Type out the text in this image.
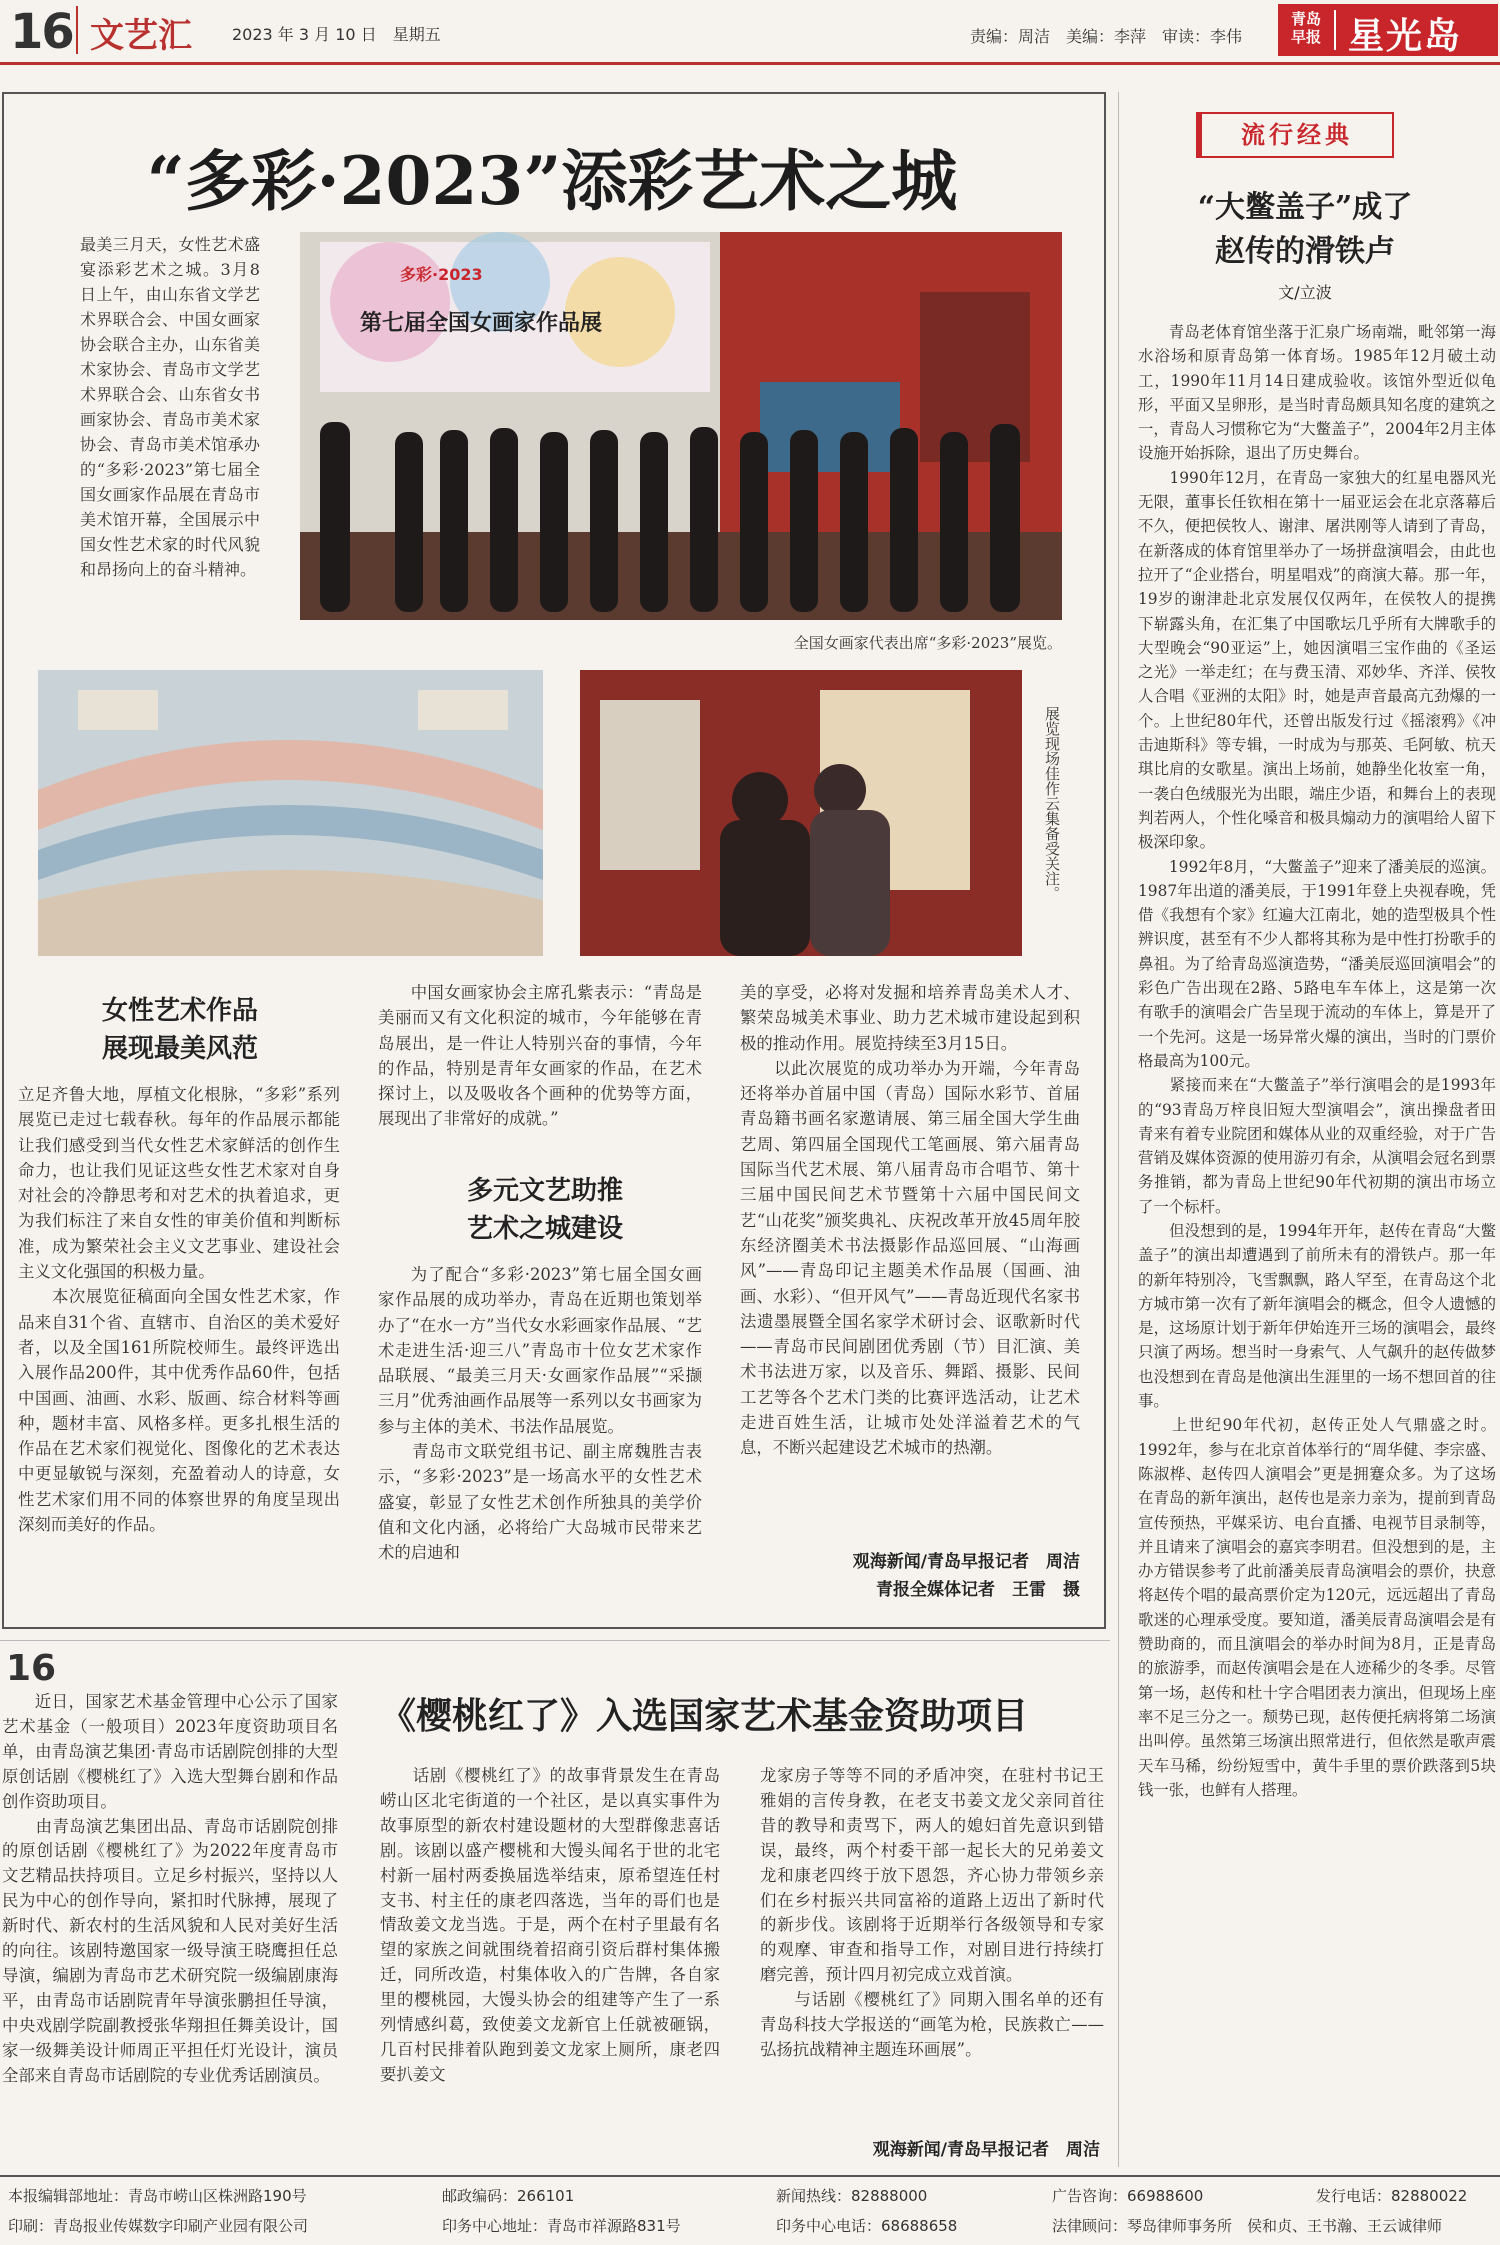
16 文艺汇	2023 年 3 月 10 日　星期五	责编：周洁　美编：李萍　审读：李伟
青岛早报 星光岛
“多彩·2023”添彩艺术之城
最美三月天，女性艺术盛宴添彩艺术之城。3月8日上午，由山东省文学艺术界联合会、中国女画家协会联合主办，山东省美术家协会、青岛市文学艺术界联合会、山东省女书画家协会、青岛市美术家协会、青岛市美术馆承办的“多彩·2023”第七届全国女画家作品展在青岛市美术馆开幕，全国展示中国女性艺术家的时代风貌和昂扬向上的奋斗精神。
多彩·2023
第七届全国女画家作品展
全国女画家代表出席“多彩·2023”展览。
展览现场佳作云集备受关注。
女性艺术作品
展现最美风范
立足齐鲁大地，厚植文化根脉，“多彩”系列展览已走过七载春秋。每年的作品展示都能让我们感受到当代女性艺术家鲜活的创作生命力，也让我们见证这些女性艺术家对自身对社会的冷静思考和对艺术的执着追求，更为我们标注了来自女性的审美价值和判断标准，成为繁荣社会主义文艺事业、建设社会主义文化强国的积极力量。
　　本次展览征稿面向全国女性艺术家，作品来自31个省、直辖市、自治区的美术爱好者，以及全国161所院校师生。最终评选出入展作品200件，其中优秀作品60件，包括中国画、油画、水彩、版画、综合材料等画种，题材丰富、风格多样。更多扎根生活的作品在艺术家们视觉化、图像化的艺术表达中更显敏锐与深刻，充盈着动人的诗意，女性艺术家们用不同的体察世界的角度呈现出深刻而美好的作品。
中国女画家协会主席孔紫表示：“青岛是美丽而又有文化积淀的城市，今年能够在青岛展出，是一件让人特别兴奋的事情，今年的作品，特别是青年女画家的作品，在艺术探讨上，以及吸收各个画种的优势等方面，展现出了非常好的成就。”
多元文艺助推
艺术之城建设
为了配合“多彩·2023”第七届全国女画家作品展的成功举办，青岛在近期也策划举办了“在水一方”当代女水彩画家作品展、“艺术走进生活·迎三八”青岛市十位女艺术家作品联展、“最美三月天·女画家作品展”“采撷三月”优秀油画作品展等一系列以女书画家为参与主体的美术、书法作品展览。
　　青岛市文联党组书记、副主席魏胜吉表示，“多彩·2023”是一场高水平的女性艺术盛宴，彰显了女性艺术创作所独具的美学价值和文化内涵，必将给广大岛城市民带来艺术的启迪和
美的享受，必将对发掘和培养青岛美术人才、繁荣岛城美术事业、助力艺术城市建设起到积极的推动作用。展览持续至3月15日。
　　以此次展览的成功举办为开端，今年青岛还将举办首届中国（青岛）国际水彩节、首届青岛籍书画名家邀请展、第三届全国大学生曲艺周、第四届全国现代工笔画展、第六届青岛国际当代艺术展、第八届青岛市合唱节、第十三届中国民间艺术节暨第十六届中国民间文艺“山花奖”颁奖典礼、庆祝改革开放45周年胶东经济圈美术书法摄影作品巡回展、“山海画风”——青岛印记主题美术作品展（国画、油画、水彩）、“但开风气”——青岛近现代名家书法遗墨展暨全国名家学术研讨会、讴歌新时代——青岛市民间剧团优秀剧（节）目汇演、美术书法进万家，以及音乐、舞蹈、摄影、民间工艺等各个艺术门类的比赛评选活动，让艺术走进百姓生活，让城市处处洋溢着艺术的气息，不断兴起建设艺术城市的热潮。
观海新闻/青岛早报记者　周洁
青报全媒体记者　王雷　摄
流行经典
“大鳖盖子”成了
赵传的滑铁卢
文/立波
青岛老体育馆坐落于汇泉广场南端，毗邻第一海水浴场和原青岛第一体育场。1985年12月破土动工，1990年11月14日建成验收。该馆外型近似龟形，平面又呈卵形，是当时青岛颇具知名度的建筑之一，青岛人习惯称它为“大鳖盖子”，2004年2月主体设施开始拆除，退出了历史舞台。
　　1990年12月，在青岛一家独大的红星电器风光无限，董事长任钦相在第十一届亚运会在北京落幕后不久，便把侯牧人、谢津、屠洪刚等人请到了青岛，在新落成的体育馆里举办了一场拼盘演唱会，由此也拉开了“企业搭台，明星唱戏”的商演大幕。那一年，19岁的谢津赴北京发展仅仅两年，在侯牧人的提携下崭露头角，在汇集了中国歌坛几乎所有大牌歌手的大型晚会“90亚运”上，她因演唱三宝作曲的《圣运之光》一举走红；在与费玉清、邓妙华、齐洋、侯牧人合唱《亚洲的太阳》时，她是声音最高亢劲爆的一个。上世纪80年代，还曾出版发行过《摇滚鸦》《冲击迪斯科》等专辑，一时成为与那英、毛阿敏、杭天琪比肩的女歌星。演出上场前，她静坐化妆室一角，一袭白色绒服光为出眼，端庄少语，和舞台上的表现判若两人，个性化嗓音和极具煽动力的演唱给人留下极深印象。
　　1992年8月，“大鳖盖子”迎来了潘美辰的巡演。1987年出道的潘美辰，于1991年登上央视春晚，凭借《我想有个家》红遍大江南北，她的造型极具个性辨识度，甚至有不少人都将其称为是中性打扮歌手的鼻祖。为了给青岛巡演造势，“潘美辰巡回演唱会”的彩色广告出现在2路、5路电车车体上，这是第一次有歌手的演唱会广告呈现于流动的车体上，算是开了一个先河。这是一场异常火爆的演出，当时的门票价格最高为100元。
　　紧接而来在“大鳖盖子”举行演唱会的是1993年的“93青岛万梓良旧短大型演唱会”，演出操盘者田青来有着专业院团和媒体从业的双重经验，对于广告营销及媒体资源的使用游刃有余，从演唱会冠名到票务推销，都为青岛上世纪90年代初期的演出市场立了一个标杆。
　　但没想到的是，1994年开年，赵传在青岛“大鳖盖子”的演出却遭遇到了前所未有的滑铁卢。那一年的新年特别冷，飞雪飘飘，路人罕至，在青岛这个北方城市第一次有了新年演唱会的概念，但令人遗憾的是，这场原计划于新年伊始连开三场的演唱会，最终只演了两场。想当时一身索气、人气飙升的赵传做梦也没想到在青岛是他演出生涯里的一场不想回首的往事。
　　上世纪90年代初，赵传正处人气鼎盛之时。1992年，参与在北京首体举行的“周华健、李宗盛、陈淑桦、赵传四人演唱会”更是拥蹇众多。为了这场在青岛的新年演出，赵传也是亲力亲为，提前到青岛宣传预热，平媒采访、电台直播、电视节目录制等，并且请来了演唱会的嘉宾李明君。但没想到的是，主办方错误参考了此前潘美辰青岛演唱会的票价，抉意将赵传个唱的最高票价定为120元，远远超出了青岛歌迷的心理承受度。要知道，潘美辰青岛演唱会是有赞助商的，而且演唱会的举办时间为8月，正是青岛的旅游季，而赵传演唱会是在人迹稀少的冬季。尽管第一场，赵传和杜十字合唱团表力演出，但现场上座率不足三分之一。颓势已现，赵传便托病将第二场演出叫停。虽然第三场演出照常进行，但依然是歌声震天车马稀，纷纷短雪中，黄牛手里的票价跌落到5块钱一张，也鲜有人搭理。
16
《樱桃红了》入选国家艺术基金资助项目
近日，国家艺术基金管理中心公示了国家艺术基金（一般项目）2023年度资助项目名单，由青岛演艺集团·青岛市话剧院创排的大型原创话剧《樱桃红了》入选大型舞台剧和作品创作资助项目。
　　由青岛演艺集团出品、青岛市话剧院创排的原创话剧《樱桃红了》为2022年度青岛市文艺精品扶持项目。立足乡村振兴，坚持以人民为中心的创作导向，紧扣时代脉搏，展现了新时代、新农村的生活风貌和人民对美好生活的向往。该剧特邀国家一级导演王晓鹰担任总导演，编剧为青岛市艺术研究院一级编剧康海平，由青岛市话剧院青年导演张鹏担任导演，中央戏剧学院副教授张华翔担任舞美设计，国家一级舞美设计师周正平担任灯光设计，演员全部来自青岛市话剧院的专业优秀话剧演员。
话剧《樱桃红了》的故事背景发生在青岛崂山区北宅街道的一个社区，是以真实事件为故事原型的新农村建设题材的大型群像悲喜话剧。该剧以盛产樱桃和大馒头闻名于世的北宅村新一届村两委换届选举结束，原希望连任村支书、村主任的康老四落选，当年的哥们也是情敌姜文龙当选。于是，两个在村子里最有名望的家族之间就围绕着招商引资后群村集体搬迁，同所改造，村集体收入的广告牌，各自家里的樱桃园，大馒头协会的组建等产生了一系列情感纠葛，致使姜文龙新官上任就被砸锅，几百村民排着队跑到姜文龙家上厕所，康老四要扒姜文
龙家房子等等不同的矛盾冲突，在驻村书记王雅娟的言传身教，在老支书姜文龙父亲同首往昔的教导和责骂下，两人的媳妇首先意识到错误，最终，两个村委干部一起长大的兄弟姜文龙和康老四终于放下恩怨，齐心协力带领乡亲们在乡村振兴共同富裕的道路上迈出了新时代的新步伐。该剧将于近期举行各级领导和专家的观摩、审查和指导工作，对剧目进行持续打磨完善，预计四月初完成立戏首演。
　　与话剧《樱桃红了》同期入围名单的还有青岛科技大学报送的“画笔为枪，民族救亡——弘扬抗战精神主题连环画展”。
观海新闻/青岛早报记者　周洁
本报编辑部地址：青岛市崂山区株洲路190号	邮政编码：266101	新闻热线：82888000	广告咨询：66988600	发行电话：82880022
印刷：青岛报业传媒数字印刷产业园有限公司	印务中心地址：青岛市祥源路831号	印务中心电话：68688658	法律顾问：琴岛律师事务所　侯和贞、王书瀚、王云诚律师
